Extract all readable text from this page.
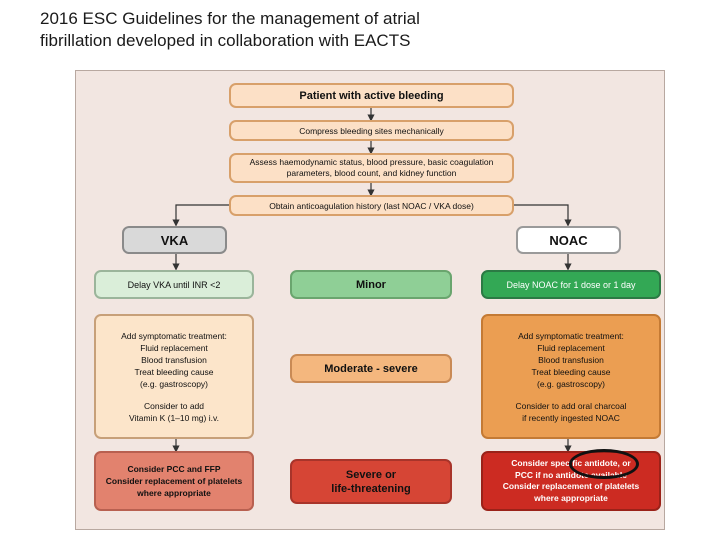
2016 ESC Guidelines for the management of atrial
fibrillation developed in collaboration with EACTS
Patient with active bleeding
Compress bleeding sites mechanically
Assess haemodynamic status, blood pressure, basic coagulation
parameters, blood count, and kidney function
Obtain anticoagulation history (last NOAC / VKA dose)
VKA	NOAC
Delay VKA until INR <2	Minor	Delay NOAC for 1 dose or 1 day
Add symptomatic treatment:
Fluid replacement
Blood transfusion
Treat bleeding cause
(e.g. gastroscopy)
Consider to add
Vitamin K (1–10 mg) i.v.
Moderate - severe
Add symptomatic treatment:
Fluid replacement
Blood transfusion
Treat bleeding cause
(e.g. gastroscopy)
Consider to add oral charcoal
if recently ingested NOAC
Consider PCC and FFP
Consider replacement of platelets
where appropriate
Severe or
life-threatening
Consider specific antidote, or
PCC if no antidote available
Consider replacement of platelets
where appropriate
